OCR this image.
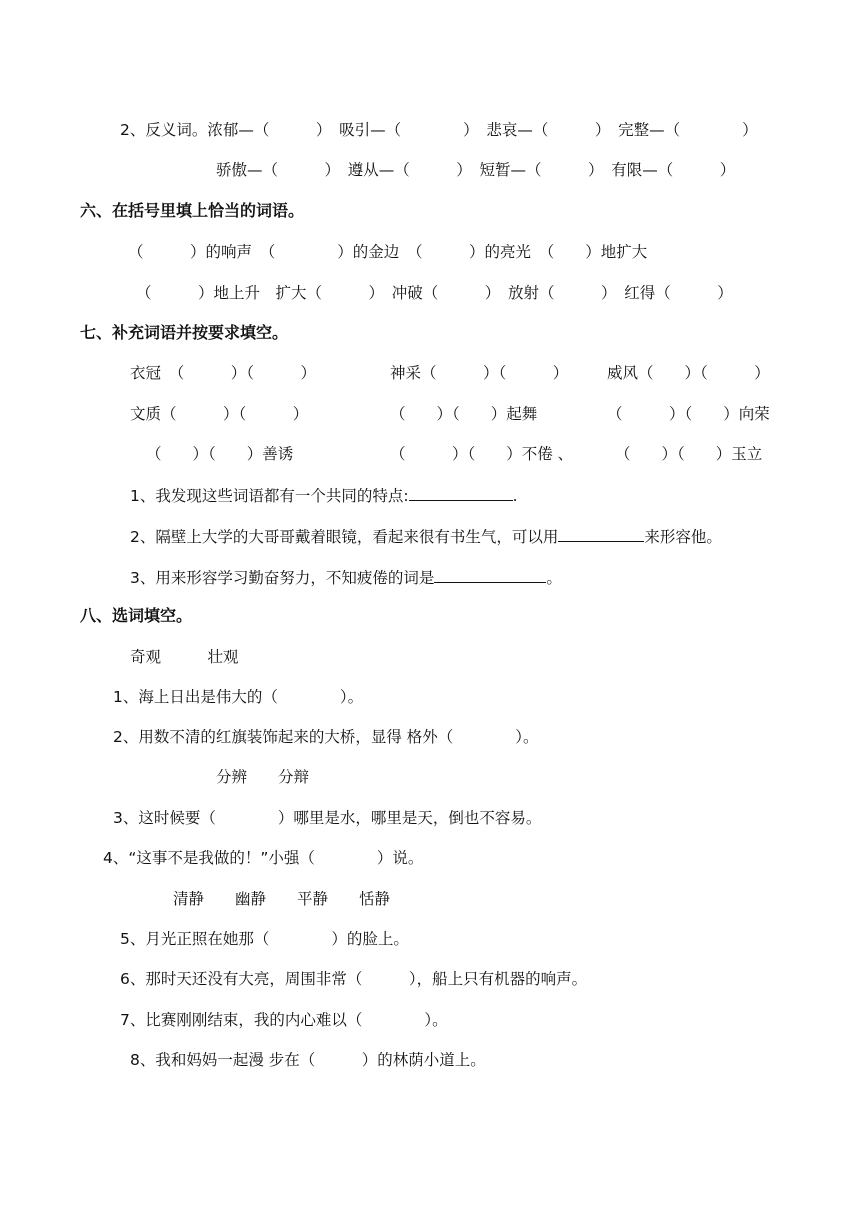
2、反义词。浓郁—（　　　）　吸引—（　　　　）　悲哀—（　　　）　完整—（　　　　）
骄傲—（　　　）　遵从—（　　　）　短暂—（　　　）　有限—（　　　）
六、在括号里填上恰当的词语。
（　　　）的响声　（　　　　）的金边　（　　　）的亮光　（　　）地扩大
（　　　）地上升　扩大（　　　）　冲破（　　　）　放射（　　　）　红得（　　　）
七、补充词语并按要求填空。
衣冠　（　　　）（　　　）	神采（　　　）（　　　） 威风（　　）（　　　）
文质（　　　）（　　　）	（　　）（　　）起舞	（　　　）（　　）向荣
（　　）（　　）善诱	（　　　）（　　）不倦 、	（　　）（　　）玉立
1、我发现这些词语都有一个共同的特点:	.
2、隔壁上大学的大哥哥戴着眼镜，看起来很有书生气，可以用	来形容他。
3、用来形容学习勤奋努力，不知疲倦的词是	。
八、选词填空。
奇观　　　壮观
1、海上日出是伟大的（　　　　）。
2、用数不清的红旗装饰起来的大桥，显得 格外（　　　　）。
分辨　　分辩
3、这时候要（　　　　）哪里是水，哪里是天，倒也不容易。
4、“这事不是我做的！”小强（　　　　）说。
清静　　幽静　　平静　　恬静
5、月光正照在她那（　　　　）的脸上。
6、那时天还没有大亮，周围非常（　　　），船上只有机器的响声。
7、比赛刚刚结束，我的内心难以（　　　　）。
8、我和妈妈一起漫 步在（　　　）的林荫小道上。
